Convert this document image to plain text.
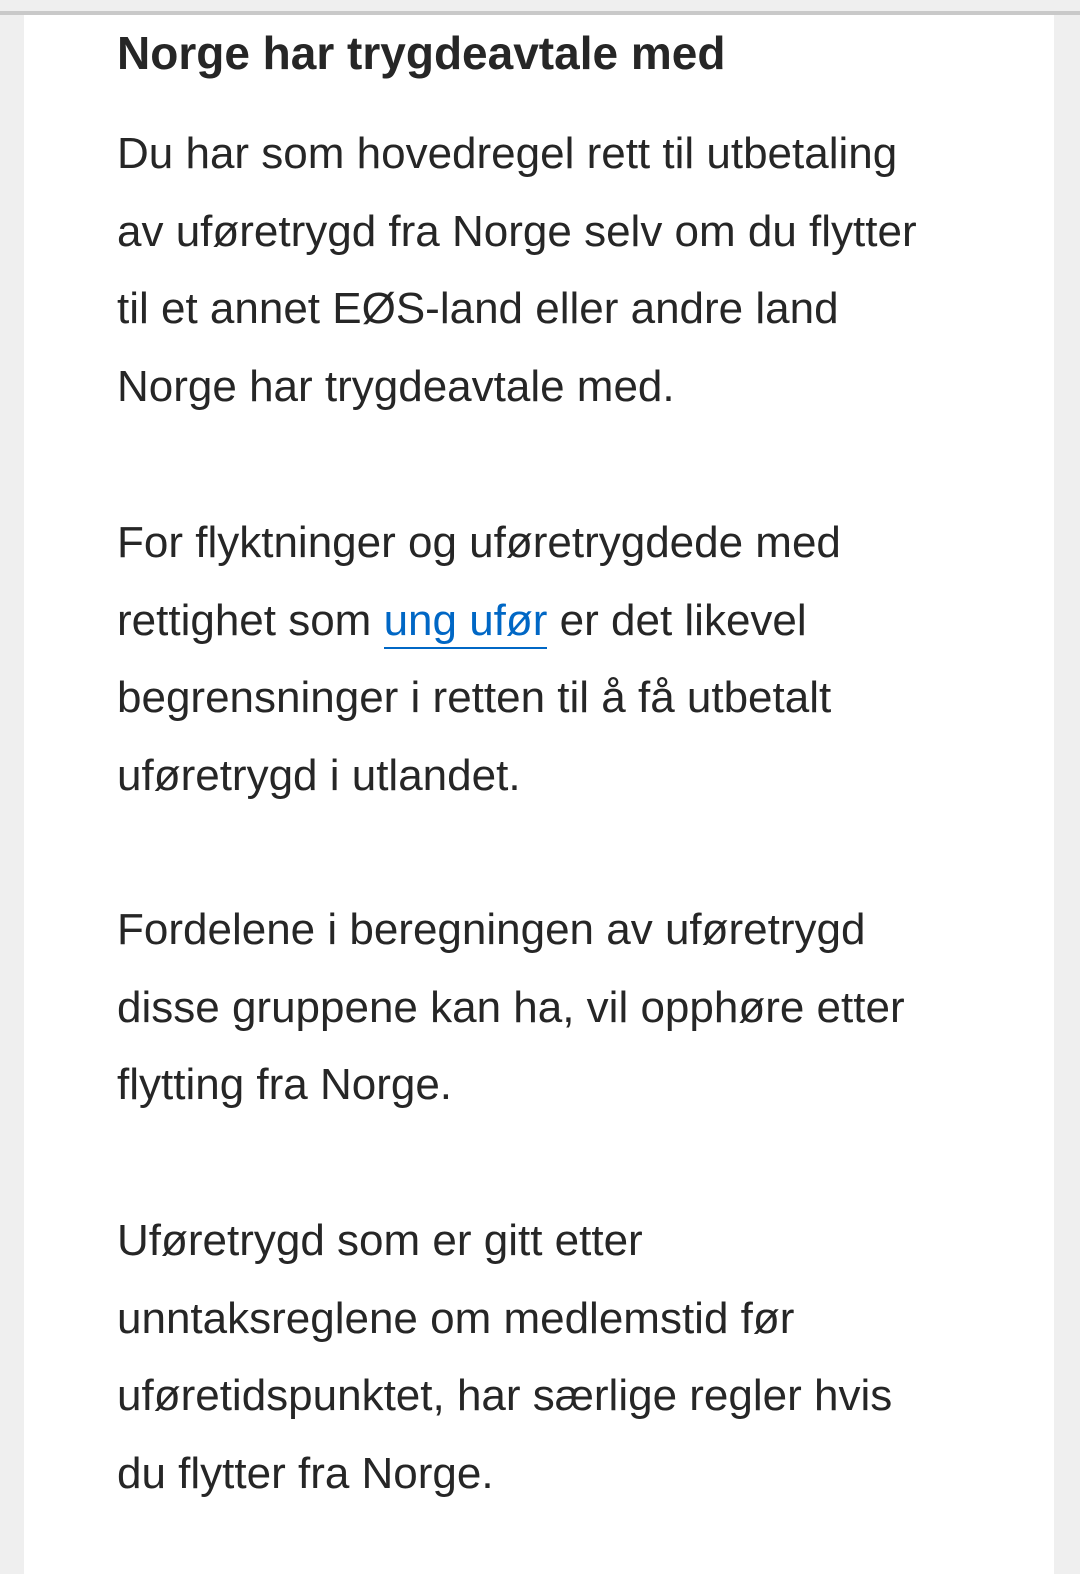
Norge har trygdeavtale med

Du har som hovedregel rett til utbetaling
av uføretrygd fra Norge selv om du flytter
til et annet EØS-land eller andre land
Norge har trygdeavtale med.

For flyktninger og uføretrygdede med
rettighet som ung ufør er det likevel
begrensninger i retten til å få utbetalt
uføretrygd i utlandet.

Fordelene i beregningen av uføretrygd
disse gruppene kan ha, vil opphøre etter
flytting fra Norge.

Uføretrygd som er gitt etter
unntaksreglene om medlemstid før
uføretidspunktet, har særlige regler hvis
du flytter fra Norge.
